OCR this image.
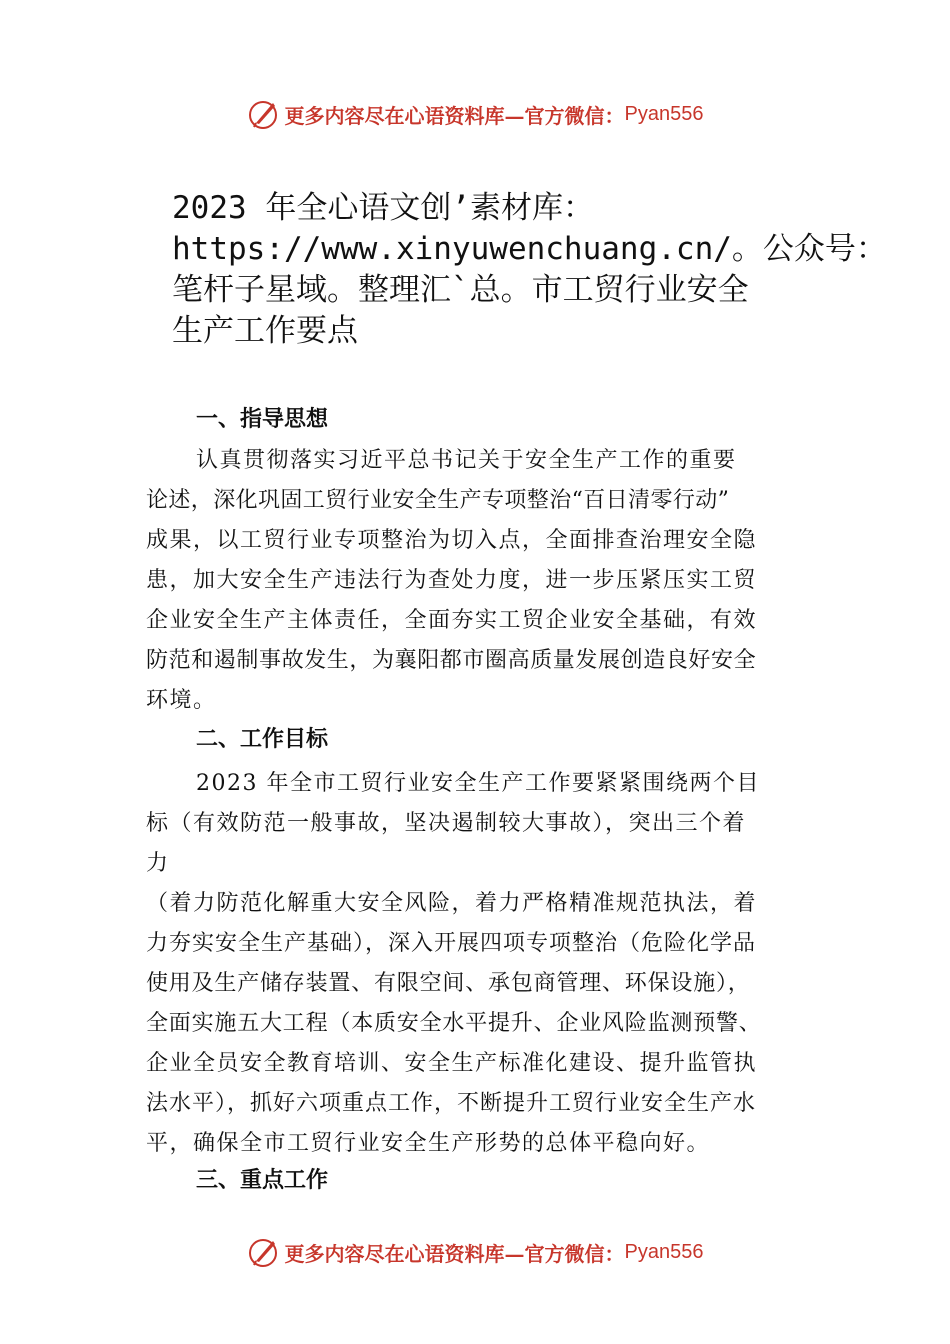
更多内容尽在心语资料库—官方微信： Pyan556
2023 年全心语文创’素材库：
https://www.xinyuwenchuang.cn/。公众号：
笔杆子星域。整理汇`总。市工贸行业安全
生产工作要点
一、指导思想
认真贯彻落实习近平总书记关于安全生产工作的重要
论述，深化巩固工贸行业安全生产专项整治“百日清零行动”
成果，以工贸行业专项整治为切入点，全面排查治理安全隐
患，加大安全生产违法行为查处力度，进一步压紧压实工贸
企业安全生产主体责任，全面夯实工贸企业安全基础，有效
防范和遏制事故发生，为襄阳都市圈高质量发展创造良好安全
环境。
二、工作目标
2023 年全市工贸行业安全生产工作要紧紧围绕两个目
标（有效防范一般事故，坚决遏制较大事故），突出三个着
力
（着力防范化解重大安全风险，着力严格精准规范执法，着
力夯实安全生产基础），深入开展四项专项整治（危险化学品
使用及生产储存装置、有限空间、承包商管理、环保设施），
全面实施五大工程（本质安全水平提升、企业风险监测预警、
企业全员安全教育培训、安全生产标准化建设、提升监管执
法水平），抓好六项重点工作，不断提升工贸行业安全生产水
平，确保全市工贸行业安全生产形势的总体平稳向好。
三、重点工作
更多内容尽在心语资料库—官方微信： Pyan556
